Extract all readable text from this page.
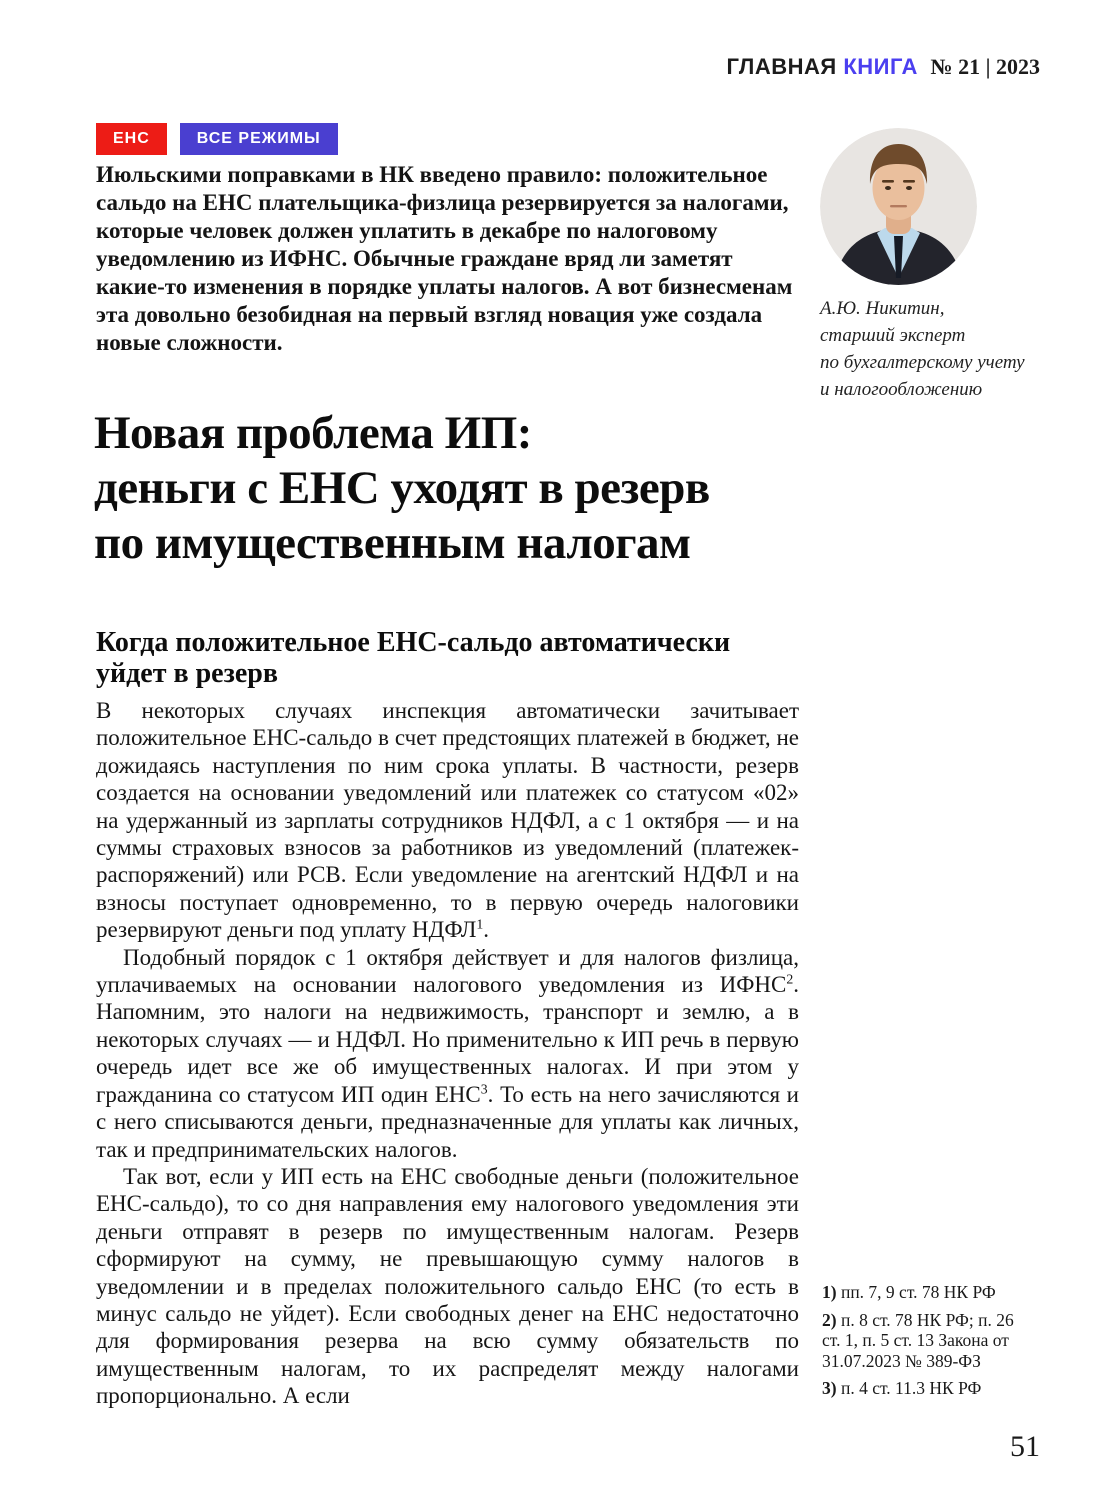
ГЛАВНАЯ КНИГА № 21 | 2023
ЕНС	ВСЕ РЕЖИМЫ
Июльскими поправками в НК введено правило: положительное сальдо на ЕНС плательщика-физлица резервируется за налогами, которые человек должен уплатить в декабре по налоговому уведомлению из ИФНС. Обычные граждане вряд ли заметят какие-то изменения в порядке уплаты налогов. А вот бизнесменам эта довольно безобидная на первый взгляд новация уже создала новые сложности.
А.Ю. Никитин,
старший эксперт
по бухгалтерскому учету
и налогообложению
Новая проблема ИП:
деньги с ЕНС уходят в резерв
по имущественным налогам
Когда положительное ЕНС-сальдо автоматически
уйдет в резерв

В некоторых случаях инспекция автоматически зачитывает положительное ЕНС-сальдо в счет предстоящих платежей в бюджет, не дожидаясь наступления по ним срока уплаты. В частности, резерв создается на основании уведомлений или платежек со статусом «02» на удержанный из зарплаты сотрудников НДФЛ, а с 1 октября — и на суммы страховых взносов за работников из уведомлений (платежек-распоряжений) или РСВ. Если уведомление на агентский НДФЛ и на взносы поступает одновременно, то в первую очередь налоговики резервируют деньги под уплату НДФЛ$^1$.

Подобный порядок с 1 октября действует и для налогов физлица, уплачиваемых на основании налогового уведомления из ИФНС$^2$. Напомним, это налоги на недвижимость, транспорт и землю, а в некоторых случаях — и НДФЛ. Но применительно к ИП речь в первую очередь идет все же об имущественных налогах. И при этом у гражданина со статусом ИП один ЕНС$^3$. То есть на него зачисляются и с него списываются деньги, предназначенные для уплаты как личных, так и предпринимательских налогов.

Так вот, если у ИП есть на ЕНС свободные деньги (положительное ЕНС-сальдо), то со дня направления ему налогового уведомления эти деньги отправят в резерв по имущественным налогам. Резерв сформируют на сумму, не превышающую сумму налогов в уведомлении и в пределах положительного сальдо ЕНС (то есть в минус сальдо не уйдет). Если свободных денег на ЕНС недостаточно для формирования резерва на всю сумму обязательств по имущественным налогам, то их распределят между налогами пропорционально. А если

1) пп. 7, 9 ст. 78 НК РФ
2) п. 8 ст. 78 НК РФ; п. 26 ст. 1, п. 5 ст. 13 Закона от 31.07.2023 № 389-ФЗ
3) п. 4 ст. 11.3 НК РФ
51
